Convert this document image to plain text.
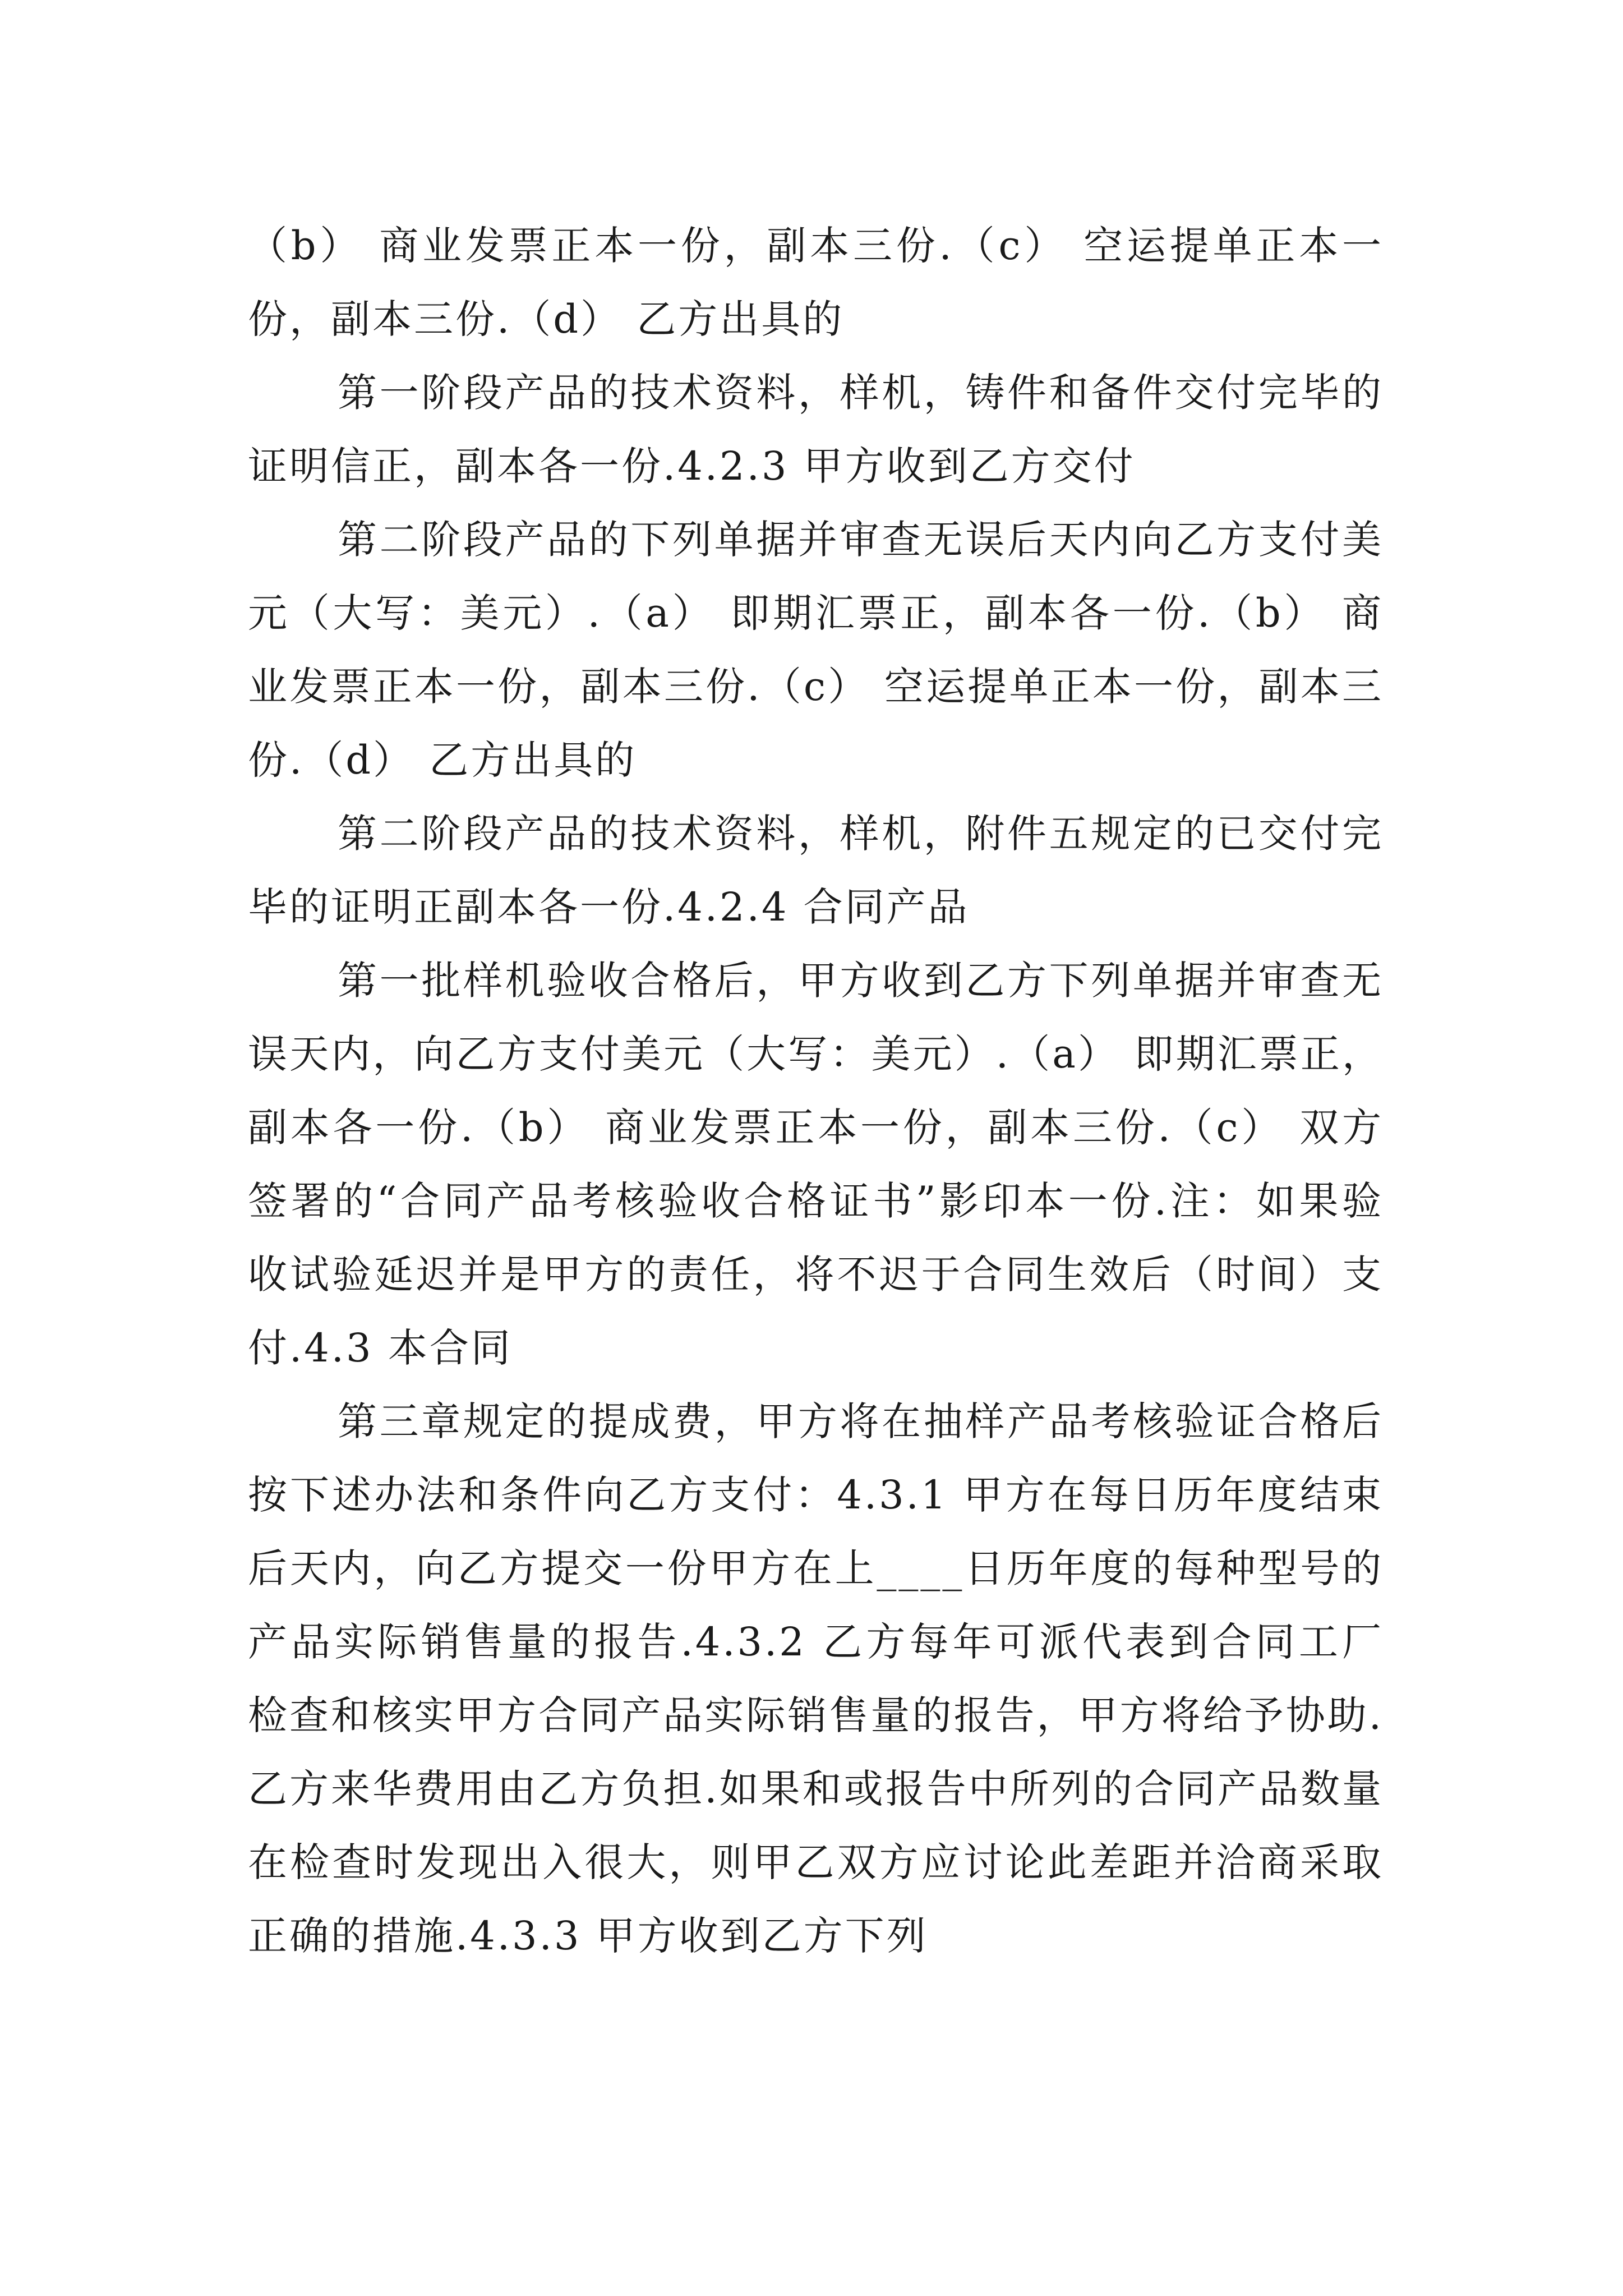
（b） 商业发票正本一份，副本三份.（c） 空运提单正本一份，副本三份.（d） 乙方出具的

第一阶段产品的技术资料，样机，铸件和备件交付完毕的证明信正，副本各一份.4.2.3 甲方收到乙方交付

第二阶段产品的下列单据并审查无误后天内向乙方支付美元（大写：美元）.（a） 即期汇票正，副本各一份.（b） 商业发票正本一份，副本三份.（c） 空运提单正本一份，副本三份.（d） 乙方出具的

第二阶段产品的技术资料，样机，附件五规定的已交付完毕的证明正副本各一份.4.2.4 合同产品

第一批样机验收合格后，甲方收到乙方下列单据并审查无误天内，向乙方支付美元（大写：美元）.（a） 即期汇票正，副本各一份.（b） 商业发票正本一份，副本三份.（c） 双方签署的“合同产品考核验收合格证书”影印本一份.注：如果验收试验延迟并是甲方的责任，将不迟于合同生效后（时间）支付.4.3 本合同

第三章规定的提成费，甲方将在抽样产品考核验证合格后按下述办法和条件向乙方支付：4.3.1 甲方在每日历年度结束后天内，向乙方提交一份甲方在上____日历年度的每种型号的产品实际销售量的报告.4.3.2 乙方每年可派代表到合同工厂检查和核实甲方合同产品实际销售量的报告，甲方将给予协助.乙方来华费用由乙方负担.如果和或报告中所列的合同产品数量在检查时发现出入很大，则甲乙双方应讨论此差距并洽商采取正确的措施.4.3.3 甲方收到乙方下列
